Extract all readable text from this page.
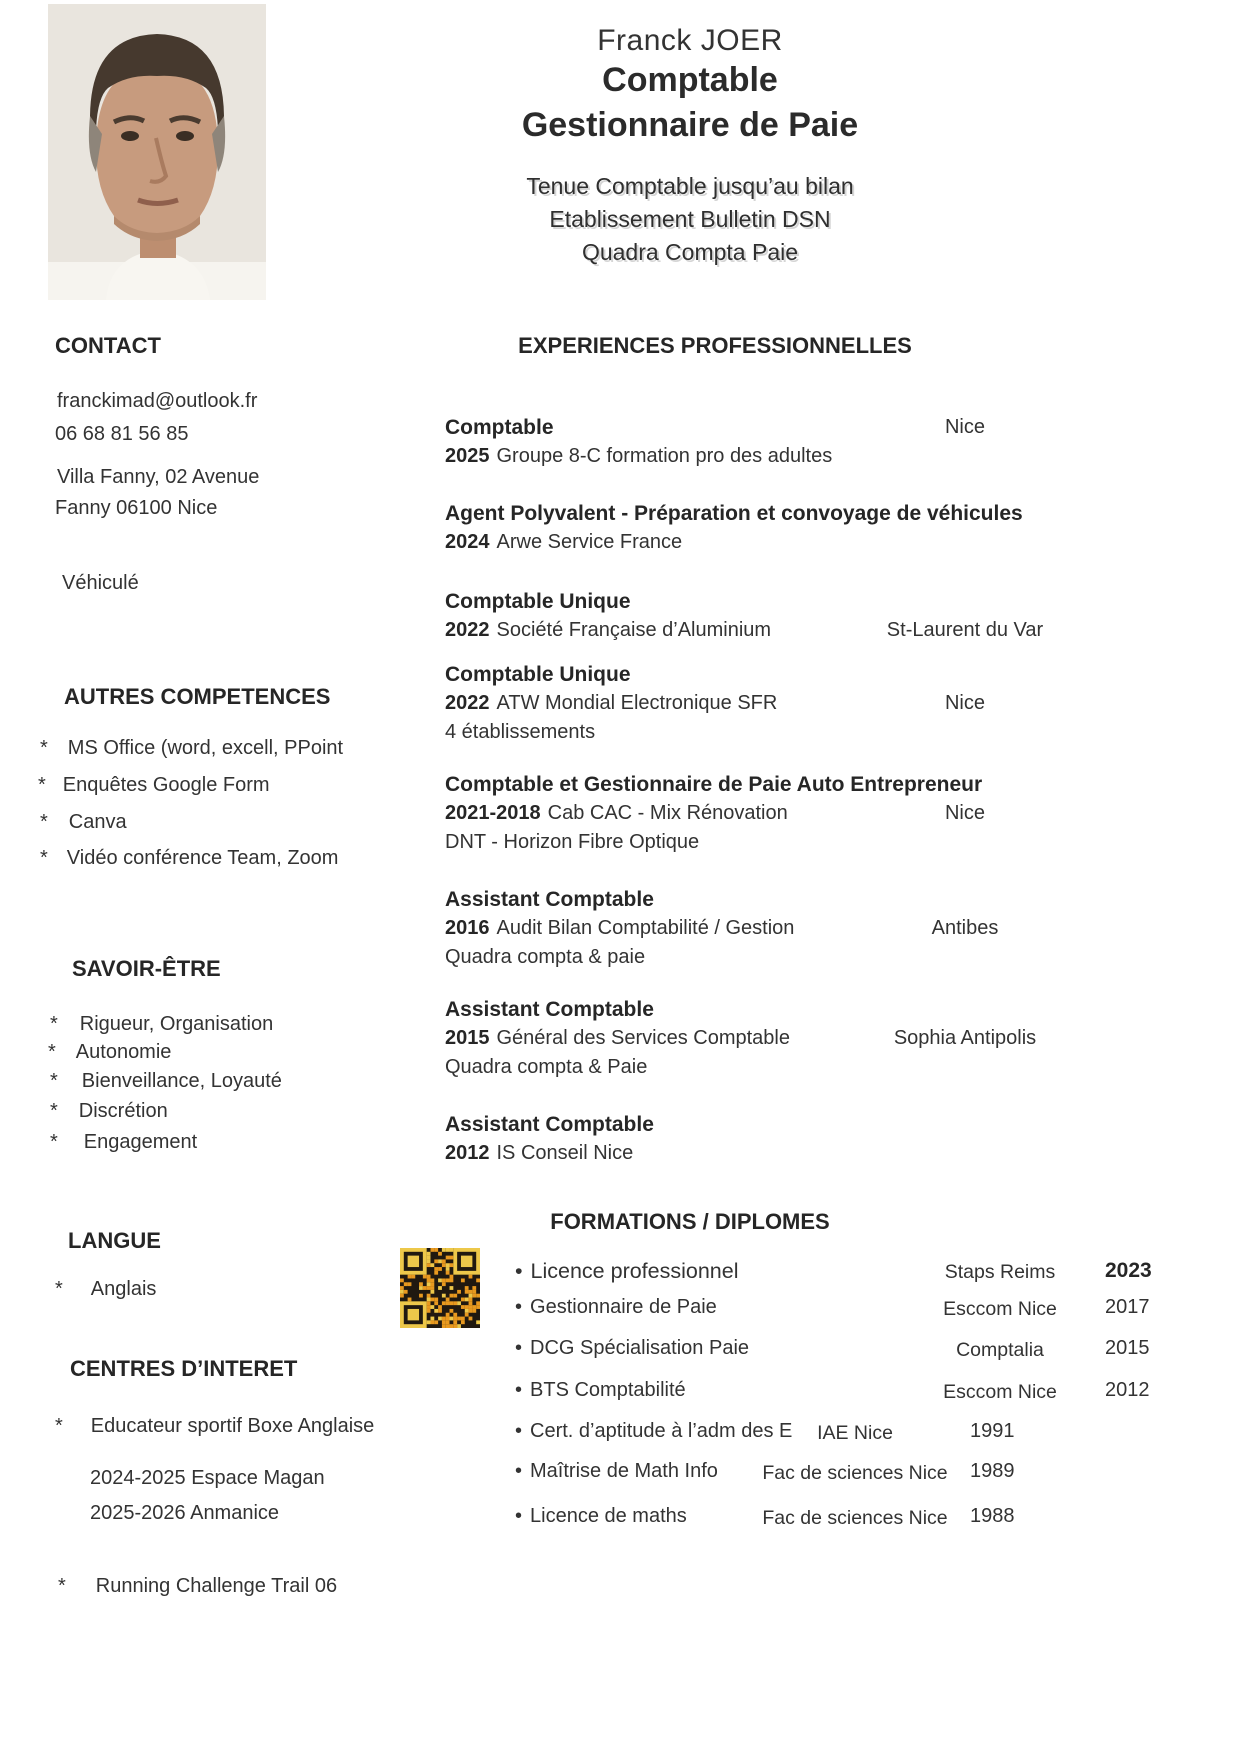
Franck JOER
Comptable
Gestionnaire de Paie
Tenue Comptable jusqu’au bilan
Etablissement Bulletin DSN
Quadra Compta Paie
CONTACT
franckimad@outlook.fr
06 68 81 56 85
Villa Fanny, 02 Avenue
Fanny 06100 Nice
Véhiculé
AUTRES COMPETENCES
* MS Office (word, excell, PPoint
* Enquêtes Google Form
* Canva
* Vidéo conférence Team, Zoom
SAVOIR-ÊTRE
* Rigueur, Organisation
* Autonomie
* Bienveillance, Loyauté
* Discrétion
* Engagement
LANGUE
* Anglais
CENTRES D’INTERET
* Educateur sportif Boxe Anglaise
2024-2025 Espace Magan
2025-2026 Anmanice
* Running Challenge Trail 06
EXPERIENCES PROFESSIONNELLES
Comptable	Nice
2025 Groupe 8-C formation pro des adultes
Agent Polyvalent - Préparation et convoyage de véhicules
2024 Arwe Service France
Comptable Unique
2022 Société Française d’Aluminium	St-Laurent du Var
Comptable Unique
2022 ATW Mondial Electronique SFR	Nice
4 établissements
Comptable et Gestionnaire de Paie Auto Entrepreneur
2021-2018 Cab CAC - Mix Rénovation	Nice
DNT - Horizon Fibre Optique
Assistant Comptable
2016 Audit Bilan Comptabilité / Gestion	Antibes
Quadra compta & paie
Assistant Comptable
2015 Général des Services Comptable	Sophia Antipolis
Quadra compta & Paie
Assistant Comptable
2012 IS Conseil Nice
FORMATIONS / DIPLOMES
• Licence professionnel	Staps Reims	2023
• Gestionnaire de Paie	Esccom Nice	2017
• DCG Spécialisation Paie	Comptalia	2015
• BTS Comptabilité	Esccom Nice	2012
• Cert. d’aptitude à l’adm des E	IAE Nice	1991
• Maîtrise de Math Info	Fac de sciences Nice	1989
• Licence de maths	Fac de sciences Nice	1988
